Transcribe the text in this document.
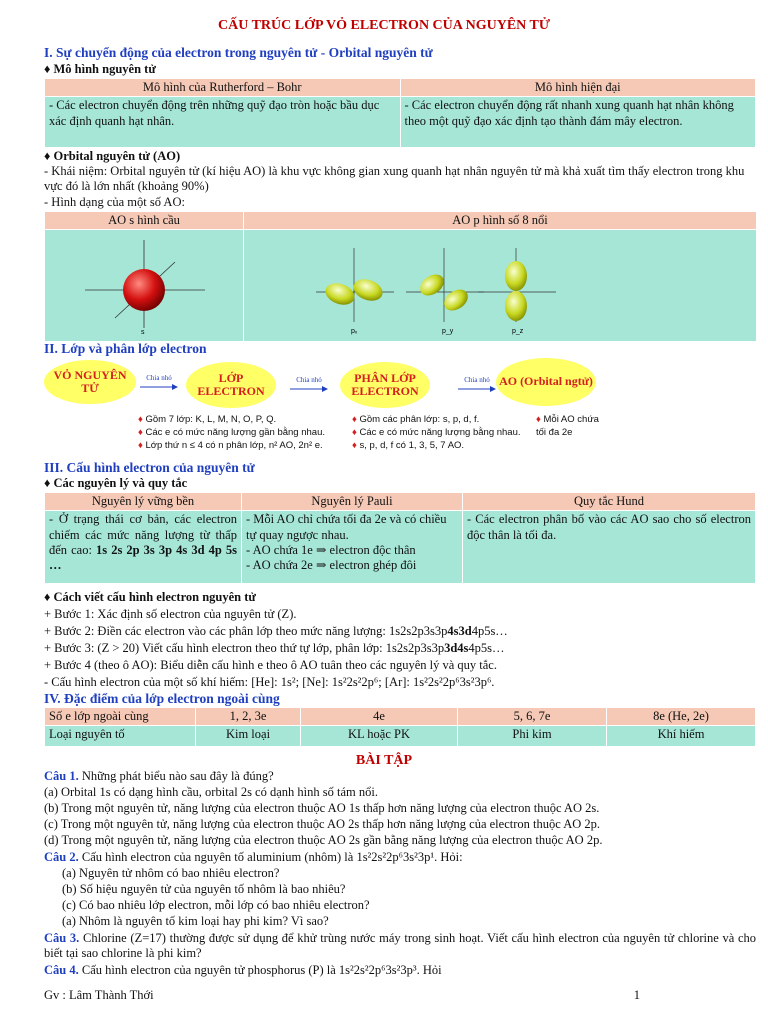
CẤU TRÚC LỚP VỎ ELECTRON CỦA NGUYÊN TỬ
I. Sự chuyển động của electron trong nguyên tử - Orbital nguyên tử
♦ Mô hình nguyên tử
Mô hình của Rutherford – Bohr	Mô hình hiện đại
- Các electron chuyển động trên những quỹ đạo tròn hoặc bầu dục xác định quanh hạt nhân.	- Các electron chuyển động rất nhanh xung quanh hạt nhân không theo một quỹ đạo xác định tạo thành đám mây electron.
♦ Orbital nguyên tử (AO)
- Khái niệm: Orbital nguyên tử (kí hiệu AO) là khu vực không gian xung quanh hạt nhân nguyên tử mà khả xuất tìm thấy electron trong khu vực đó là lớn nhất (khoảng 90%)
- Hình dạng của một số AO:
AO s hình cầu	AO p hình số 8 nổi

s	pₓ p_y p_z
II. Lớp và phân lớp electron
VỎ NGUYÊN TỬ
Chia nhỏ	LỚP ELECTRON
Chia nhỏ	PHÂN LỚP ELECTRON
Chia nhỏ AO (Orbital ngtử)
♦ Gồm 7 lớp: K, L, M, N, O, P, Q.
♦ Các e có mức năng lượng gần bằng nhau.
♦ Lớp thứ n ≤ 4 có n phân lớp, n² AO, 2n² e.
♦ Gồm các phân lớp: s, p, d, f.
♦ Các e có mức năng lượng bằng nhau.
♦ s, p, d, f có 1, 3, 5, 7 AO.
♦ Mỗi AO chứa
tối đa 2e
III. Cấu hình electron của nguyên tử
♦ Các nguyên lý và quy tắc
Nguyên lý vững bền	Nguyên lý Pauli	Quy tắc Hund
- Ở trạng thái cơ bản, các electron chiếm các mức năng lượng từ thấp đến cao: 1s 2s 2p 3s 3p 4s 3d 4p 5s …	- Mỗi AO chỉ chứa tối đa 2e và có chiều tự quay ngược nhau.
- AO chứa 1e ⇒ electron độc thân
- AO chứa 2e ⇒ electron ghép đôi	- Các electron phân bố vào các AO sao cho số electron độc thân là tối đa.
♦ Cách viết cấu hình electron nguyên tử
+ Bước 1: Xác định số electron của nguyên tử (Z).
+ Bước 2: Điền các electron vào các phân lớp theo mức năng lượng: 1s2s2p3s3p4s3d4p5s…
+ Bước 3: (Z > 20) Viết cấu hình electron theo thứ tự lớp, phân lớp: 1s2s2p3s3p3d4s4p5s…
+ Bước 4 (theo ô AO): Biểu diễn cấu hình e theo ô AO tuân theo các nguyên lý và quy tắc.
- Cấu hình electron của một số khí hiếm: [He]: 1s²; [Ne]: 1s²2s²2p⁶; [Ar]: 1s²2s²2p⁶3s²3p⁶.
IV. Đặc điểm của lớp electron ngoài cùng
Số e lớp ngoài cùng	1, 2, 3e	4e	5, 6, 7e	8e (He, 2e)
Loại nguyên tố	Kim loại	KL hoặc PK	Phi kim	Khí hiếm
BÀI TẬP
Câu 1. Những phát biểu nào sau đây là đúng?
(a) Orbital 1s có dạng hình cầu, orbital 2s có dạnh hình số tám nổi.
(b) Trong một nguyên tử, năng lượng của electron thuộc AO 1s thấp hơn năng lượng của electron thuộc AO 2s.
(c) Trong một nguyên tử, năng lượng của electron thuộc AO 2s thấp hơn năng lượng của electron thuộc AO 2p.
(d) Trong một nguyên tử, năng lượng của electron thuộc AO 2s gần bằng năng lượng của electron thuộc AO 2p.
Câu 2. Cấu hình electron của nguyên tố aluminium (nhôm) là 1s²2s²2p⁶3s²3p¹. Hỏi:
(a) Nguyên tử nhôm có bao nhiêu electron?
(b) Số hiệu nguyên tử của nguyên tố nhôm là bao nhiêu?
(c) Có bao nhiêu lớp electron, mỗi lớp có bao nhiêu electron?
(a) Nhôm là nguyên tố kim loại hay phi kim? Vì sao?
Câu 3. Chlorine (Z=17) thường được sử dụng để khử trùng nước máy trong sinh hoạt. Viết cấu hình electron của nguyên tử chlorine và cho biết tại sao chlorine là phi kim?
Câu 4. Cấu hình electron của nguyên tử phosphorus (P) là 1s²2s²2p⁶3s²3p³. Hỏi
Gv : Lâm Thành Thới	1
